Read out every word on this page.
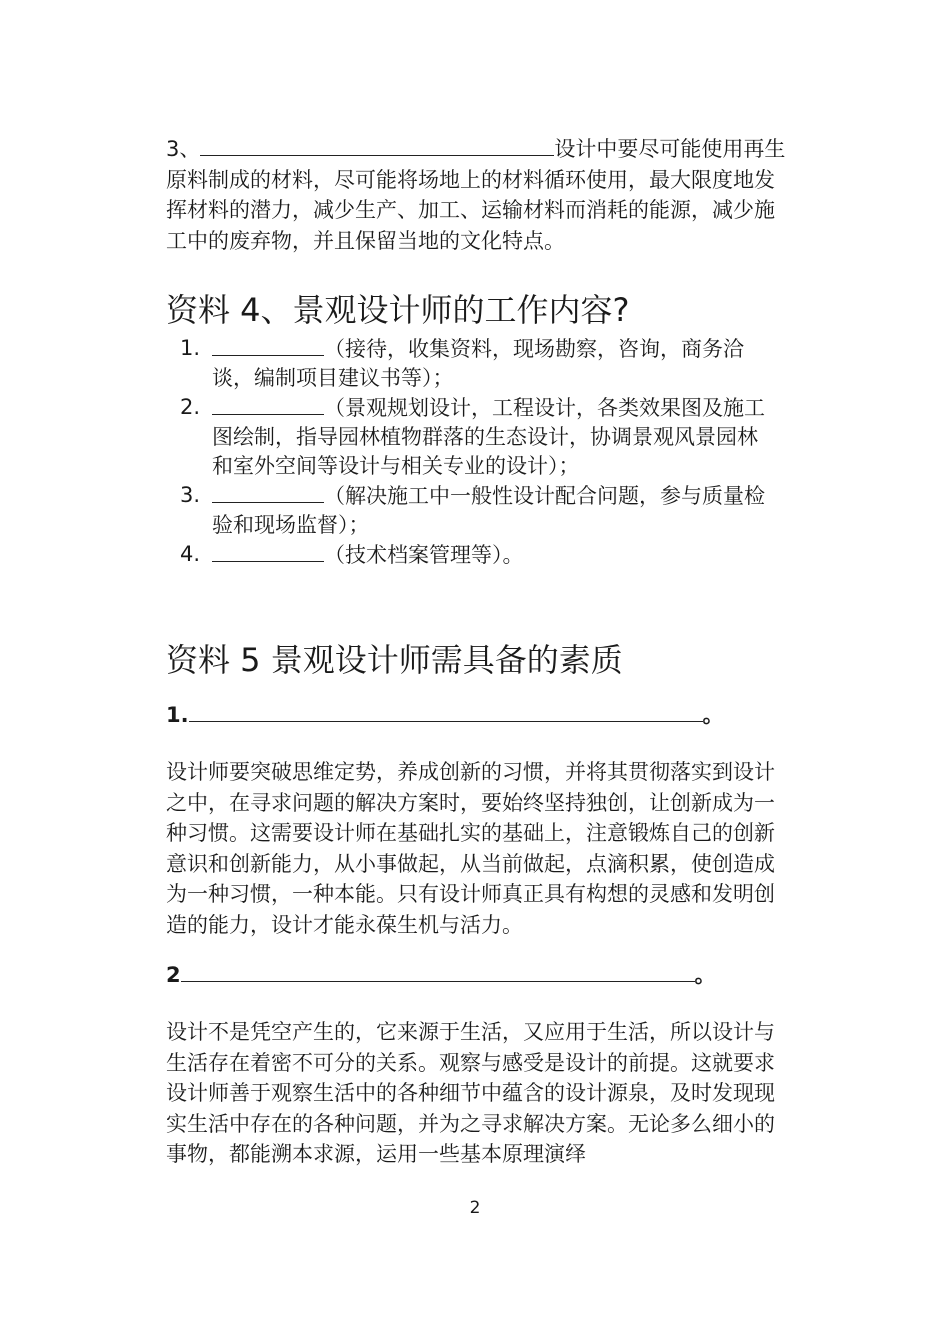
3、	设计中要尽可能使用再生原料制成的材料，尽可能将场地上的材料循环使用，最大限度地发挥材料的潜力，减少生产、加工、运输材料而消耗的能源，减少施工中的废弃物，并且保留当地的文化特点。

资料 4、景观设计师的工作内容?
1.	（接待，收集资料，现场勘察，咨询，商务洽谈，编制项目建议书等）；
2.	（景观规划设计，工程设计，各类效果图及施工图绘制，指导园林植物群落的生态设计，协调景观风景园林和室外空间等设计与相关专业的设计）；
3.	（解决施工中一般性设计配合问题，参与质量检验和现场监督）；
4.	（技术档案管理等）。
资料 5 景观设计师需具备的素质
1.	。

设计师要突破思维定势，养成创新的习惯，并将其贯彻落实到设计之中，在寻求问题的解决方案时，要始终坚持独创，让创新成为一种习惯。这需要设计师在基础扎实的基础上，注意锻炼自己的创新意识和创新能力，从小事做起，从当前做起，点滴积累，使创造成为一种习惯，一种本能。只有设计师真正具有构想的灵感和发明创造的能力，设计才能永葆生机与活力。

2	。

设计不是凭空产生的，它来源于生活，又应用于生活，所以设计与生活存在着密不可分的关系。观察与感受是设计的前提。这就要求设计师善于观察生活中的各种细节中蕴含的设计源泉，及时发现现实生活中存在的各种问题，并为之寻求解决方案。无论多么细小的事物，都能溯本求源，运用一些基本原理演绎

2
